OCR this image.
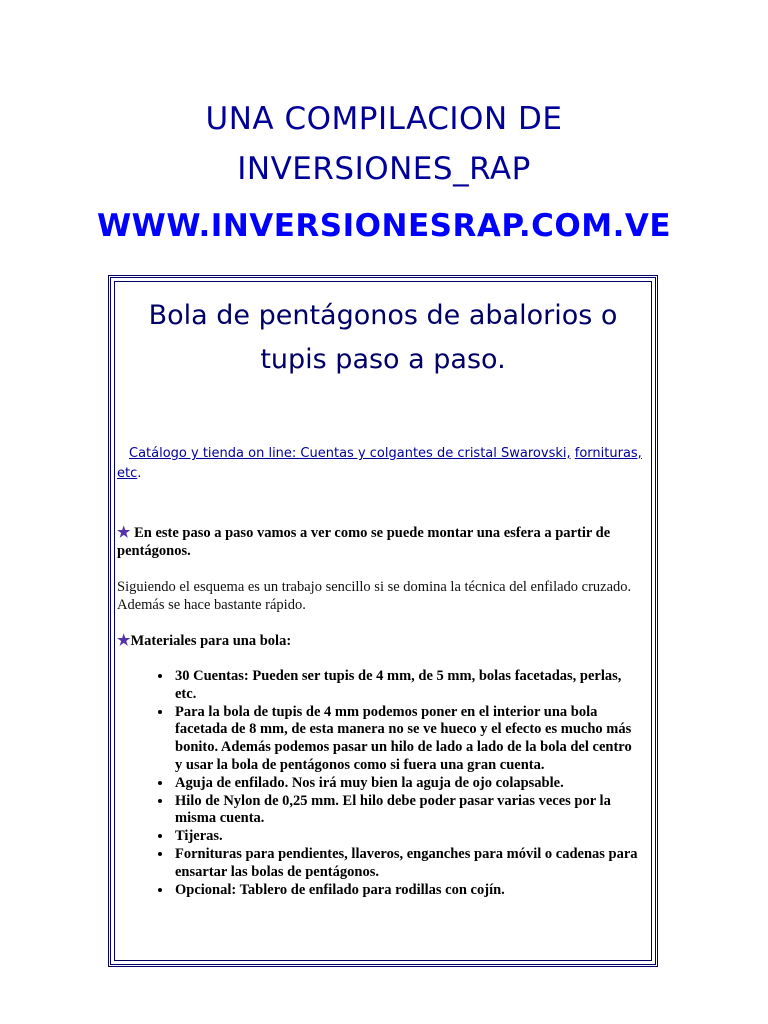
UNA COMPILACION DE
INVERSIONES_RAP
WWW.INVERSIONESRAP.COM.VE
Bola de pentágonos de abalorios o
tupis paso a paso.
Catálogo y tienda on line: Cuentas y colgantes de cristal Swarovski, fornituras, etc.
★ En este paso a paso vamos a ver como se puede montar una esfera a partir de pentágonos.
Siguiendo el esquema es un trabajo sencillo si se domina la técnica del enfilado cruzado. Además se hace bastante rápido.
★Materiales para una bola:
• 30 Cuentas: Pueden ser tupis de 4 mm, de 5 mm, bolas facetadas, perlas, etc.
• Para la bola de tupis de 4 mm podemos poner en el interior una bola facetada de 8 mm, de esta manera no se ve hueco y el efecto es mucho más bonito. Además podemos pasar un hilo de lado a lado de la bola del centro y usar la bola de pentágonos como si fuera una gran cuenta.
• Aguja de enfilado. Nos irá muy bien la aguja de ojo colapsable.
• Hilo de Nylon de 0,25 mm. El hilo debe poder pasar varias veces por la misma cuenta.
• Tijeras.
• Fornituras para pendientes, llaveros, enganches para móvil o cadenas para ensartar las bolas de pentágonos.
• Opcional: Tablero de enfilado para rodillas con cojín.
